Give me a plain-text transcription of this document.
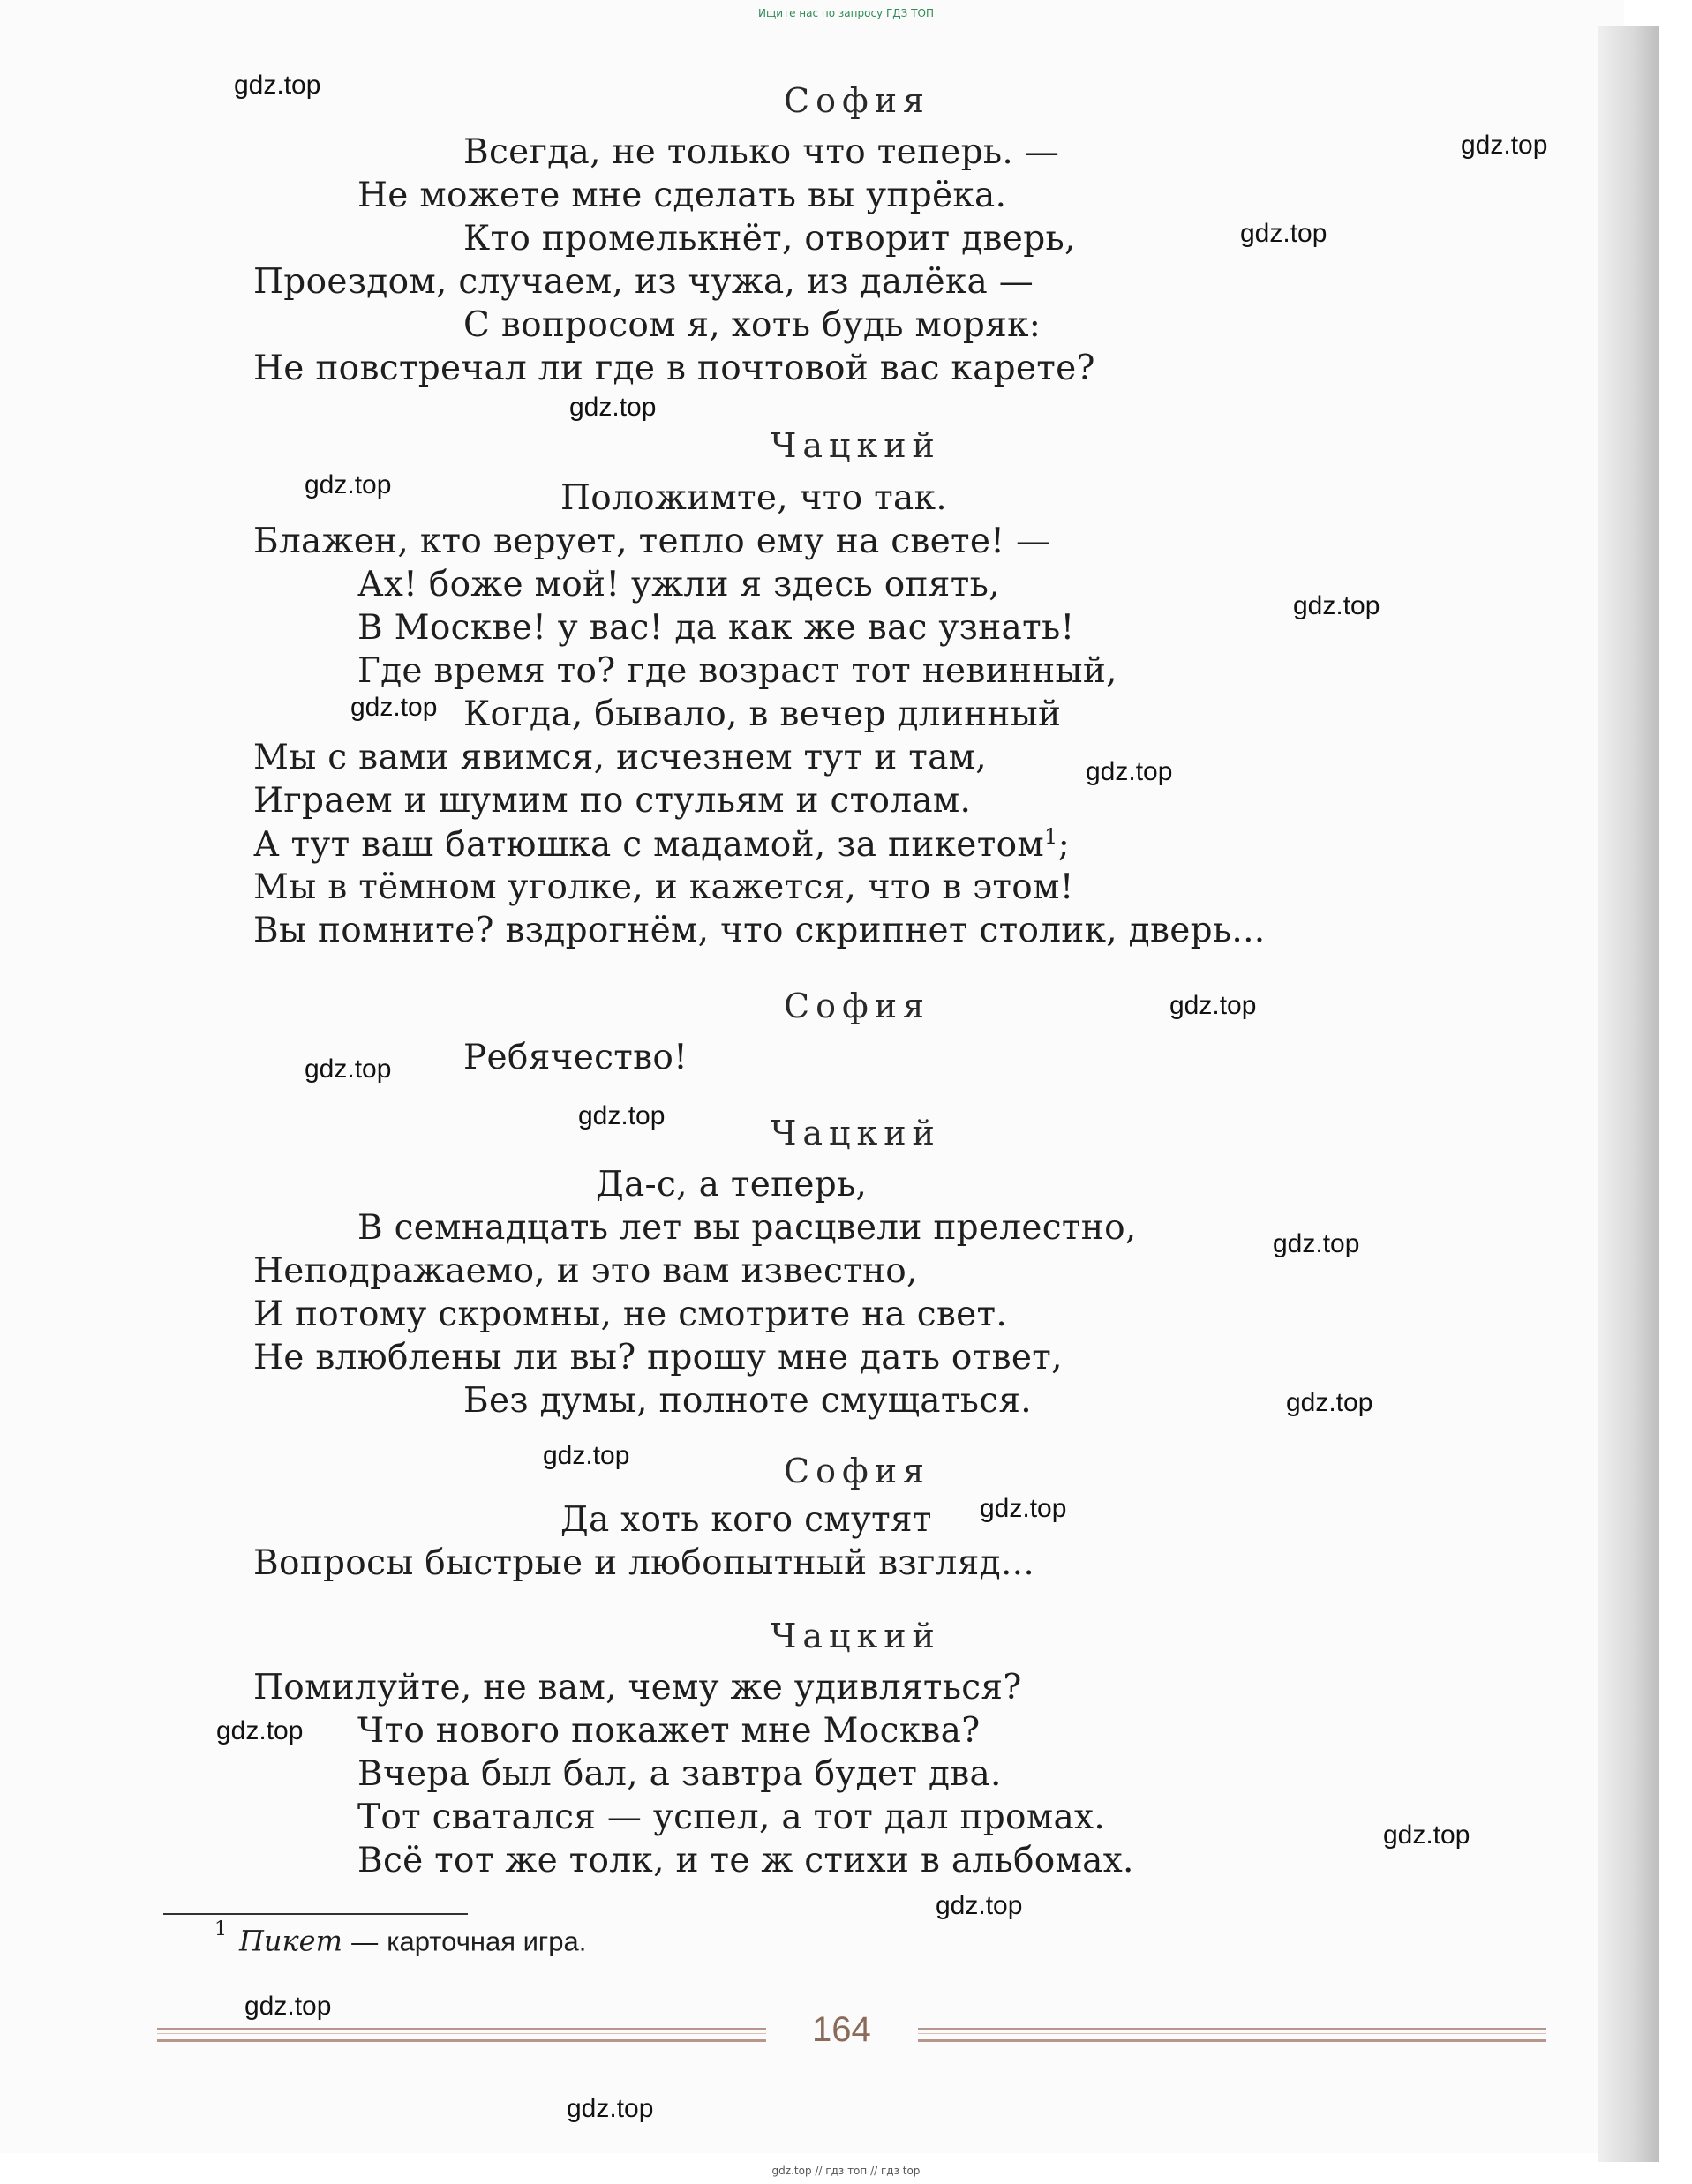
Ищите нас по запросу ГДЗ ТОП
София
Всегда, не только что теперь. —
Не можете мне сделать вы упрёка.
Кто промелькнёт, отворит дверь,
Проездом, случаем, из чужа, из далёка —
С вопросом я, хоть будь моряк:
Не повстречал ли где в почтовой вас карете?
Чацкий
Положимте, что так.
Блажен, кто верует, тепло ему на свете! —
Ах! боже мой! ужли я здесь опять,
В Москве! у вас! да как же вас узнать!
Где время то? где возраст тот невинный,
Когда, бывало, в вечер длинный
Мы с вами явимся, исчезнем тут и там,
Играем и шумим по стульям и столам.
А тут ваш батюшка с мадамой, за пикетом$^1$;
Мы в тёмном уголке, и кажется, что в этом!
Вы помните? вздрогнём, что скрипнет столик, дверь...
София
Ребячество!
Чацкий
Да-с, а теперь,
В семнадцать лет вы расцвели прелестно,
Неподражаемо, и это вам известно,
И потому скромны, не смотрите на свет.
Не влюблены ли вы? прошу мне дать ответ,
Без думы, полноте смущаться.
София
Да хоть кого смутят
Вопросы быстрые и любопытный взгляд...
Чацкий
Помилуйте, не вам, чему же удивляться?
Что нового покажет мне Москва?
Вчера был бал, а завтра будет два.
Тот сватался — успел, а тот дал промах.
Всё тот же толк, и те ж стихи в альбомах.
$^1$ Пикет — карточная игра.
164
gdz.top
gdz.top
gdz.top
gdz.top
gdz.top
gdz.top
gdz.top
gdz.top
gdz.top
gdz.top
gdz.top
gdz.top
gdz.top
gdz.top
gdz.top
gdz.top
gdz.top
gdz.top
gdz.top
gdz.top
gdz.top // гдз топ // гдз top
